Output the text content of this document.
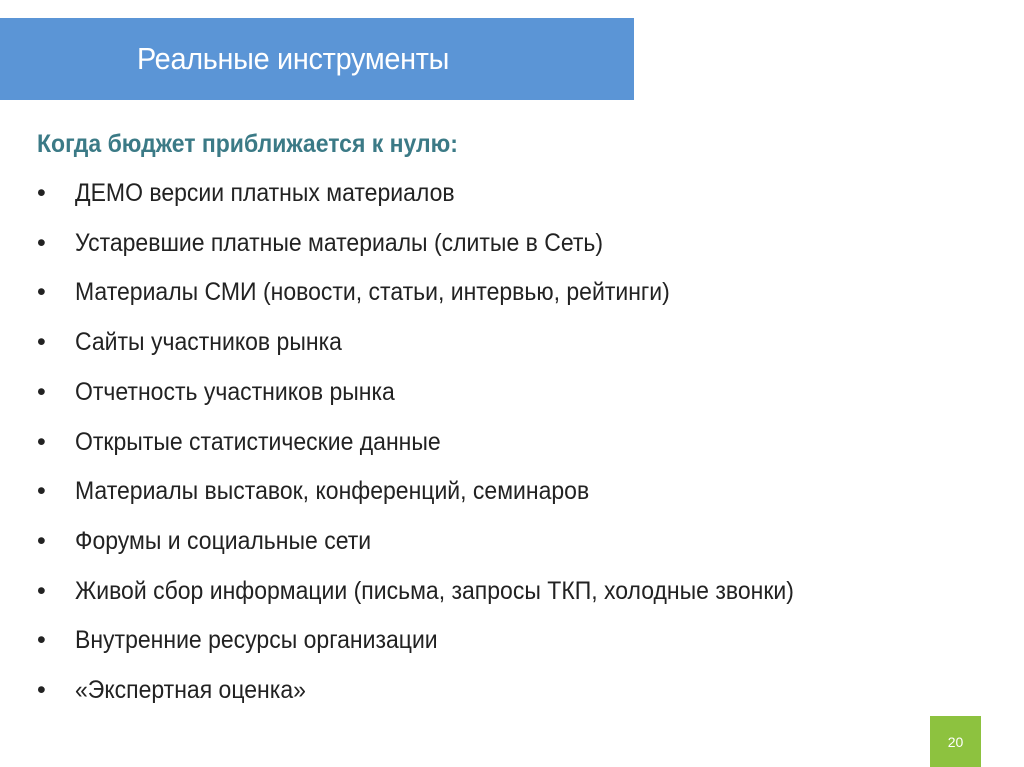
Реальные инструменты
Когда бюджет приближается к нулю:
•	ДЕМО версии платных материалов
•	Устаревшие платные материалы (слитые в Сеть)
•	Материалы СМИ (новости, статьи, интервью, рейтинги)
•	Сайты участников рынка
•	Отчетность участников рынка
•	Открытые статистические данные
•	Материалы выставок, конференций, семинаров
•	Форумы и социальные сети
•	Живой сбор информации (письма, запросы ТКП, холодные звонки)
•	Внутренние ресурсы организации
•	«Экспертная оценка»
20
